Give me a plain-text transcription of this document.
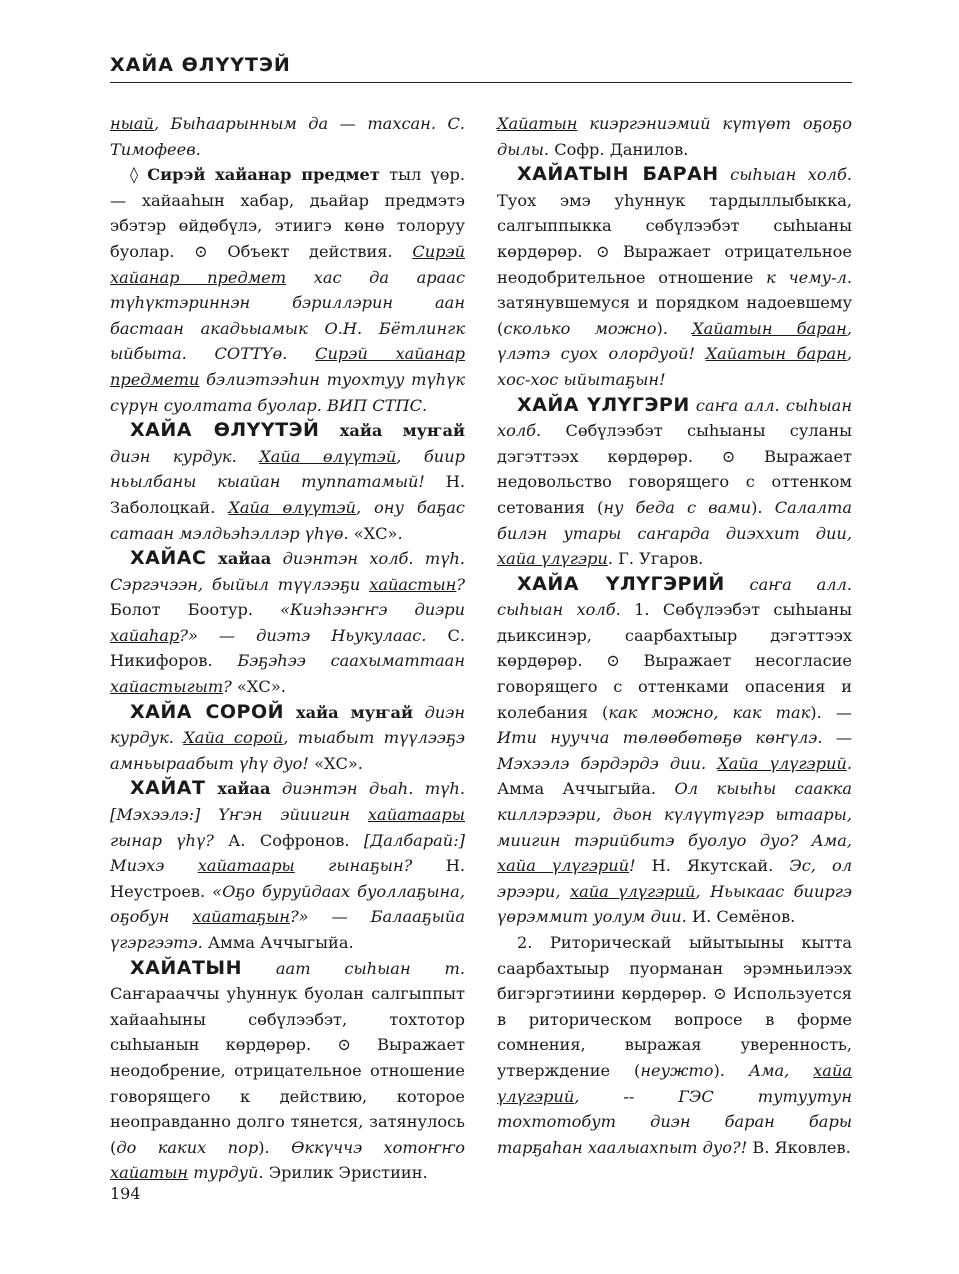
ХАЙА ӨЛҮҮТЭЙ

ныай, Быһаарынным да — тахсан. С. Тимофеев.

◊ Сирэй хайанар предмет тыл үөр. — хайааһын хабар, дьайар предмэтэ эбэтэр өйдөбүлэ, этиигэ көнө толоруу буолар. ⊙ Объект действия. Сирэй хайанар предмет хас да араас түһүктэриннэн бэриллэрин аан бастаан акадьыамык О.Н. Бётлингк ыйбыта. СОТТҮө. Сирэй хайанар предмети бэлиэтээһин туохтуу түһүк сүрүн суолтата буолар. ВИП СТПС.

ХАЙА ӨЛҮҮТЭЙ хайа муҥай диэн курдук. Хайа өлүүтэй, биир ньылбаны кыайан туппатамый! Н. Заболоцкай. Хайа өлүүтэй, ону баҕас сатаан мэлдьэһэллэр үһүө. «ХС».

ХАЙАС хайаа диэнтэн холб. түһ. Сэргэчээн, быйыл түүлээҕи хайастын? Болот Боотур. «Киэһээҥҥэ диэри хайаһар?» — диэтэ Ньукулаас. С. Никифоров. Бэҕэһээ саахыматтаан хайастыгыт? «ХС».

ХАЙА СОРОЙ хайа муҥай диэн курдук. Хайа сорой, тыабыт түүлээҕэ амньыраабыт үһү дуо! «ХС».

ХАЙАТ хайаа диэнтэн дьаһ. түһ. [Мэхээлэ:] Үҥэн эйиигин хайатаары гынар үһү? А. Софронов. [Далбарай:] Миэхэ хайатаары гынаҕын? Н. Неустроев. «Оҕо буруйдаах буоллаҕына, оҕобун хайатаҕын?» — Балааҕыйа үгэргээтэ. Амма Аччыгыйа.

ХАЙАТЫН аат сыһыан т. Саҥарааччы уһуннук буолан салгыппыт хайааһыны сөбүлээбэт, тохтотор сыһыанын көрдөрөр. ⊙ Выражает неодобрение, отрицательное отношение говорящего к действию, которое неоправданно долго тянется, затянулось (до каких пор). Өккүччэ хотоҥҥо хайатын турдуй. Эрилик Эристиин.

Хайатын киэргэниэмий күтүөт оҕоҕо дылы. Софр. Данилов.

ХАЙАТЫН БАРАН сыһыан холб. Туох эмэ уһуннук тардыллыбыкка, салгыппыкка сөбүлээбэт сыһыаны көрдөрөр. ⊙ Выражает отрицательное неодобрительное отношение к чему-л. затянувшемуся и порядком надоевшему (сколько можно). Хайатын баран, үлэтэ суох олордуой! Хайатын баран, хос-хос ыйытаҕын!

ХАЙА ҮЛҮГЭРИ саҥа алл. сыһыан холб. Сөбүлээбэт сыһыаны суланы дэгэттээх көрдөрөр. ⊙ Выражает недовольство говорящего с оттенком сетования (ну беда с вами). Салалта билэн утары саҥарда диэххит дии, хайа үлүгэри. Г. Угаров.

ХАЙА ҮЛҮГЭРИЙ саҥа алл. сыһыан холб. 1. Сөбүлээбэт сыһыаны дьиксинэр, саарбахтыыр дэгэттээх көрдөрөр. ⊙ Выражает несогласие говорящего с оттенками опасения и колебания (как можно, как так). — Ити нууччa төлөөбөтөҕө көҥүлэ. — Мэхээлэ бэрдэрдэ дии. Хайа үлүгэрий. Амма Аччыгыйа. Ол кыыһы саакка киллэрээри, дьон күлүүтүгэр ытаары, миигин тэрийбитэ буолуо дуо? Ама, хайа үлүгэрий! Н. Якутскай. Эс, ол эрээри, хайа үлүгэрий, Ньыкаас бииргэ үөрэммит уолум дии. И. Семёнов.

2. Риторическай ыйытыыны кытта саарбахтыыр пуорманан эрэмньилээх бигэргэтиини көрдөрөр. ⊙ Используется в риторическом вопросе в форме сомнения, выражая уверенность, утверждение (неужто). Ама, хайа үлүгэрий, -- ГЭС тутуутун тохтотобут диэн баран бары тарҕаһан хаалыахпыт дуо?! В. Яковлев.

194
